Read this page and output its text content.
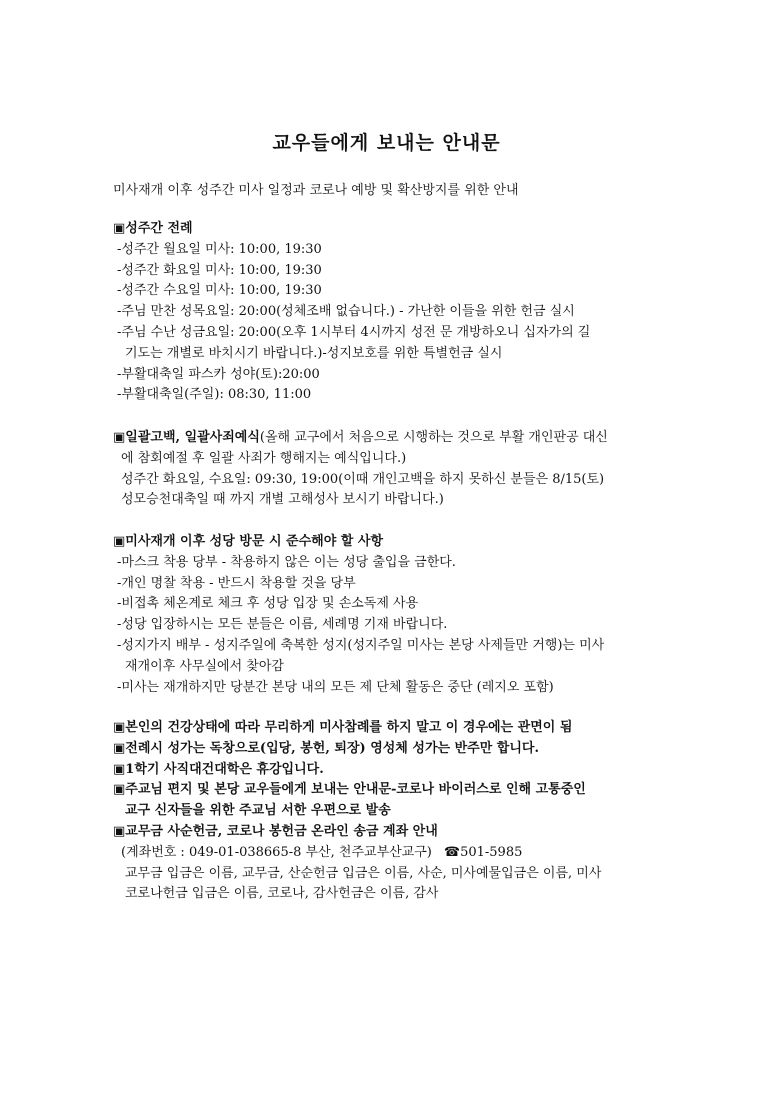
교우들에게 보내는 안내문
미사재개 이후 성주간 미사 일정과 코로나 예방 및 확산방지를 위한 안내
▣성주간 전례
-성주간 월요일 미사: 10:00, 19:30
-성주간 화요일 미사: 10:00, 19:30
-성주간 수요일 미사: 10:00, 19:30
-주님 만찬 성목요일: 20:00(성체조배 없습니다.) - 가난한 이들을 위한 헌금 실시
-주님 수난 성금요일: 20:00(오후 1시부터 4시까지 성전 문 개방하오니 십자가의 길
기도는 개별로 바치시기 바랍니다.)-성지보호를 위한 특별헌금 실시
-부활대축일 파스카 성야(토):20:00
-부활대축일(주일): 08:30, 11:00
▣일괄고백, 일괄사죄예식(올해 교구에서 처음으로 시행하는 것으로 부활 개인판공 대신
에 참회예절 후 일괄 사죄가 행해지는 예식입니다.)
성주간 화요일, 수요일: 09:30, 19:00(이때 개인고백을 하지 못하신 분들은 8/15(토)
성모승천대축일 때 까지 개별 고해성사 보시기 바랍니다.)
▣미사재개 이후 성당 방문 시 준수해야 할 사항
-마스크 착용 당부 - 착용하지 않은 이는 성당 출입을 금한다.
-개인 명찰 착용 - 반드시 착용할 것을 당부
-비접촉 체온계로 체크 후 성당 입장 및 손소독제 사용
-성당 입장하시는 모든 분들은 이름, 세례명 기재 바랍니다.
-성지가지 배부 - 성지주일에 축복한 성지(성지주일 미사는 본당 사제들만 거행)는 미사
재개이후 사무실에서 찾아감
-미사는 재개하지만 당분간 본당 내의 모든 제 단체 활동은 중단 (레지오 포함)
▣본인의 건강상태에 따라 무리하게 미사참례를 하지 말고 이 경우에는 관면이 됨
▣전례시 성가는 독창으로(입당, 봉헌, 퇴장) 영성체 성가는 반주만 합니다.
▣1학기 사직대건대학은 휴강입니다.
▣주교님 편지 및 본당 교우들에게 보내는 안내문-코로나 바이러스로 인해 고통중인
교구 신자들을 위한 주교님 서한 우편으로 발송
▣교무금 사순헌금, 코로나 봉헌금 온라인 송금 계좌 안내
(계좌번호 : 049-01-038665-8 부산, 천주교부산교구) ☎501-5985
교무금 입금은 이름, 교무금, 산순헌금 입금은 이름, 사순, 미사예물입금은 이름, 미사
코로나헌금 입금은 이름, 코로나, 감사헌금은 이름, 감사
